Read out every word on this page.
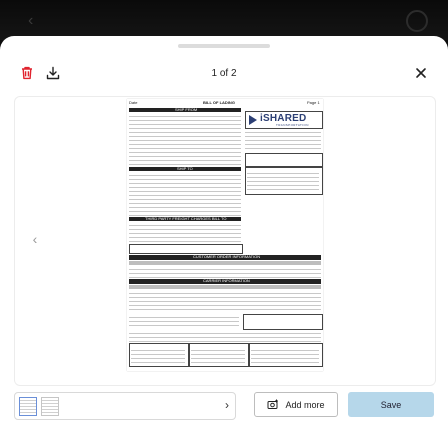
‹
1 of 2
‹
Date	BILL OF LADING	Page 1
SHIP FROM
iSHARED
TRANSPORTATION
SHIP TO
THIRD PARTY FREIGHT CHARGES BILL TO
CUSTOMER ORDER INFORMATION
CARRIER INFORMATION
›	Add more	Save
